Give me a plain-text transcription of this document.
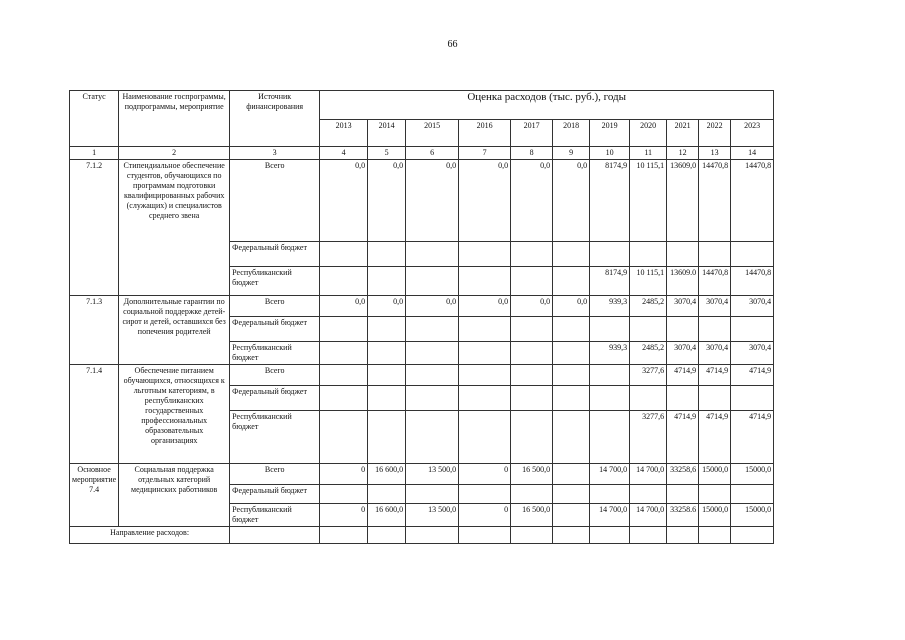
66
Статус	Наименование госпрограммы, подпрограммы, мероприятие	Источник финансирования	Оценка расходов (тыс. руб.), годы										
			2013	2014	2015	2016	2017	2018	2019	2020	2021	2022	2023
1	2	3	4	5	6	7	8	9	10	11	12	13	14
7.1.2	Стипендиальное обеспечение студентов, обучающихся по программам подготовки квалифицированных рабочих (служащих) и специалистов среднего звена	Всего	0,0	0,0	0,0	0,0	0,0	0,0	8174,9	10 115,1	13609,0	14470,8	14470,8
		Федеральный бюджет											
		Республиканский бюджет							8174,9	10 115,1	13609.0	14470,8	14470,8
7.1.3	Дополнительные гарантии по социальной поддержке детей-сирот и детей, оставшихся без попечения родителей	Всего	0,0	0,0	0,0	0,0	0,0	0,0	939,3	2485,2	3070,4	3070,4	3070,4
		Федеральный бюджет											
		Республиканский бюджет							939,3	2485,2	3070,4	3070,4	3070,4
7.1.4	Обеспечение питанием обучающихся, относящихся к льготным категориям, в республиканских государственных профессиональных образовательных организациях	Всего								3277,6	4714,9	4714,9	4714,9
		Федеральный бюджет											
		Республиканский бюджет								3277,6	4714,9	4714,9	4714,9
Основное мероприятие 7.4	Социальная поддержка отдельных категорий медицинских работников	Всего	0	16 600,0	13 500,0	0	16 500,0		14 700,0	14 700,0	33258,6	15000,0	15000,0
		Федеральный бюджет											
		Республиканский бюджет	0	16 600,0	13 500,0	0	16 500,0		14 700,0	14 700,0	33258.6	15000,0	15000,0
Направление расходов:													
